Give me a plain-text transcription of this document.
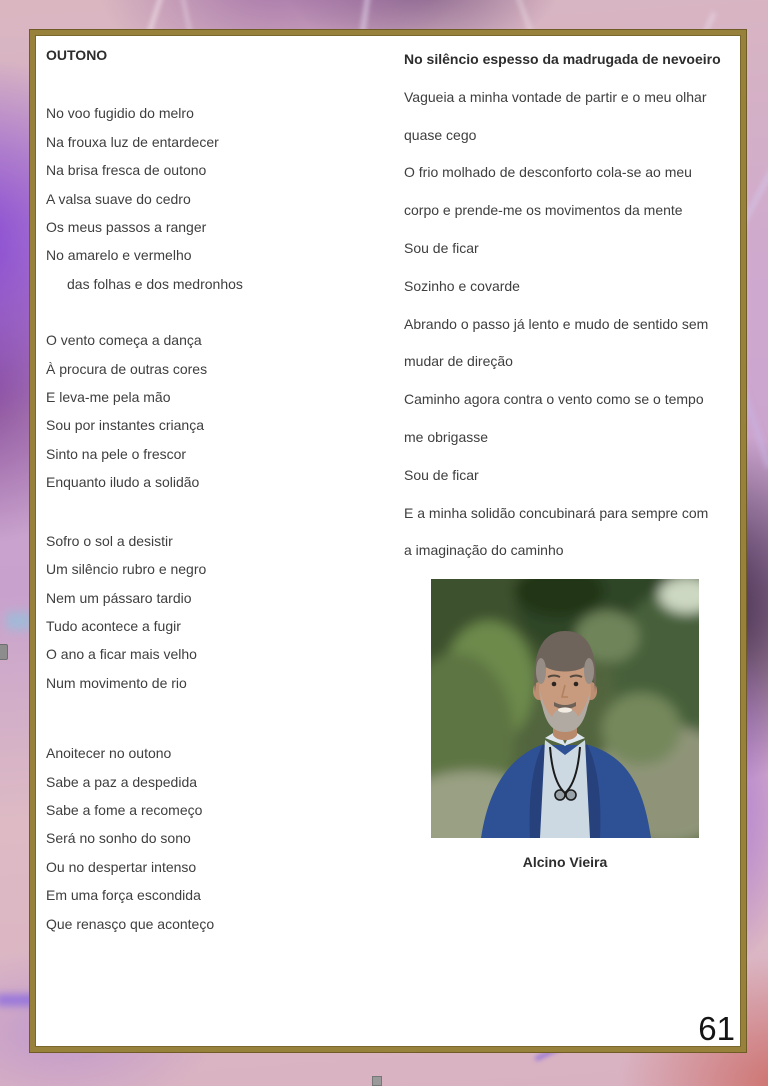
OUTONO
No voo fugidio do melro
Na frouxa luz de entardecer
Na brisa fresca de outono
A valsa suave do cedro
Os meus passos a ranger
No amarelo e vermelho
das folhas e dos medronhos
O vento começa a dança
À procura de outras cores
E leva-me pela mão
Sou por instantes criança
Sinto na pele o frescor
Enquanto iludo a solidão
Sofro o sol a desistir
Um silêncio rubro e negro
Nem um pássaro tardio
Tudo acontece a fugir
O ano a ficar mais velho
Num movimento de rio
Anoitecer no outono
Sabe a paz a despedida
Sabe a fome a recomeço
Será no sonho do sono
Ou no despertar intenso
Em uma força escondida
Que renasço que aconteço
No silêncio espesso da madrugada de nevoeiro
Vagueia a minha vontade de partir e o meu olhar
quase cego
O frio molhado de desconforto cola-se ao meu
corpo e prende-me os movimentos da mente
Sou de ficar
Sozinho e covarde
Abrando o passo já lento e mudo de sentido sem
mudar de direção
Caminho agora contra o vento como se o tempo
me obrigasse
Sou de ficar
E a minha solidão concubinará para sempre com
a imaginação do caminho
Alcino Vieira
61
